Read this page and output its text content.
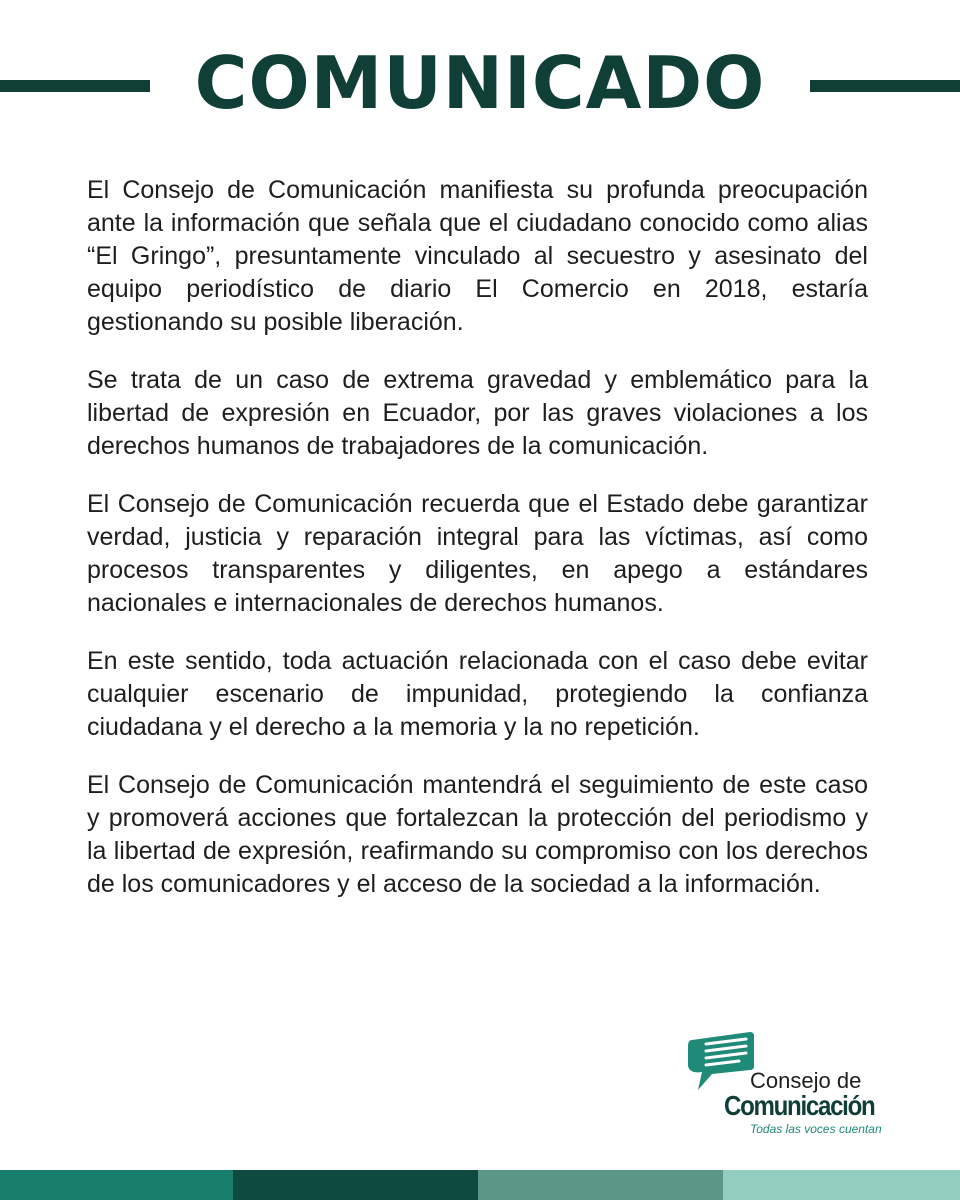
COMUNICADO

El Consejo de Comunicación manifiesta su profunda preocupación ante la información que señala que el ciudadano conocido como alias “El Gringo”, presuntamente vinculado al secuestro y asesinato del equipo periodístico de diario El Comercio en 2018, estaría gestionando su posible liberación.

Se trata de un caso de extrema gravedad y emblemático para la libertad de expresión en Ecuador, por las graves violaciones a los derechos humanos de trabajadores de la comunicación.

El Consejo de Comunicación recuerda que el Estado debe garantizar verdad, justicia y reparación integral para las víctimas, así como procesos transparentes y diligentes, en apego a estándares nacionales e internacionales de derechos humanos.

En este sentido, toda actuación relacionada con el caso debe evitar cualquier escenario de impunidad, protegiendo la confianza ciudadana y el derecho a la memoria y la no repetición.

El Consejo de Comunicación mantendrá el seguimiento de este caso y promoverá acciones que fortalezcan la protección del periodismo y la libertad de expresión, reafirmando su compromiso con los derechos de los comunicadores y el acceso de la sociedad a la información.

Consejo de
Comunicación
Todas las voces cuentan
